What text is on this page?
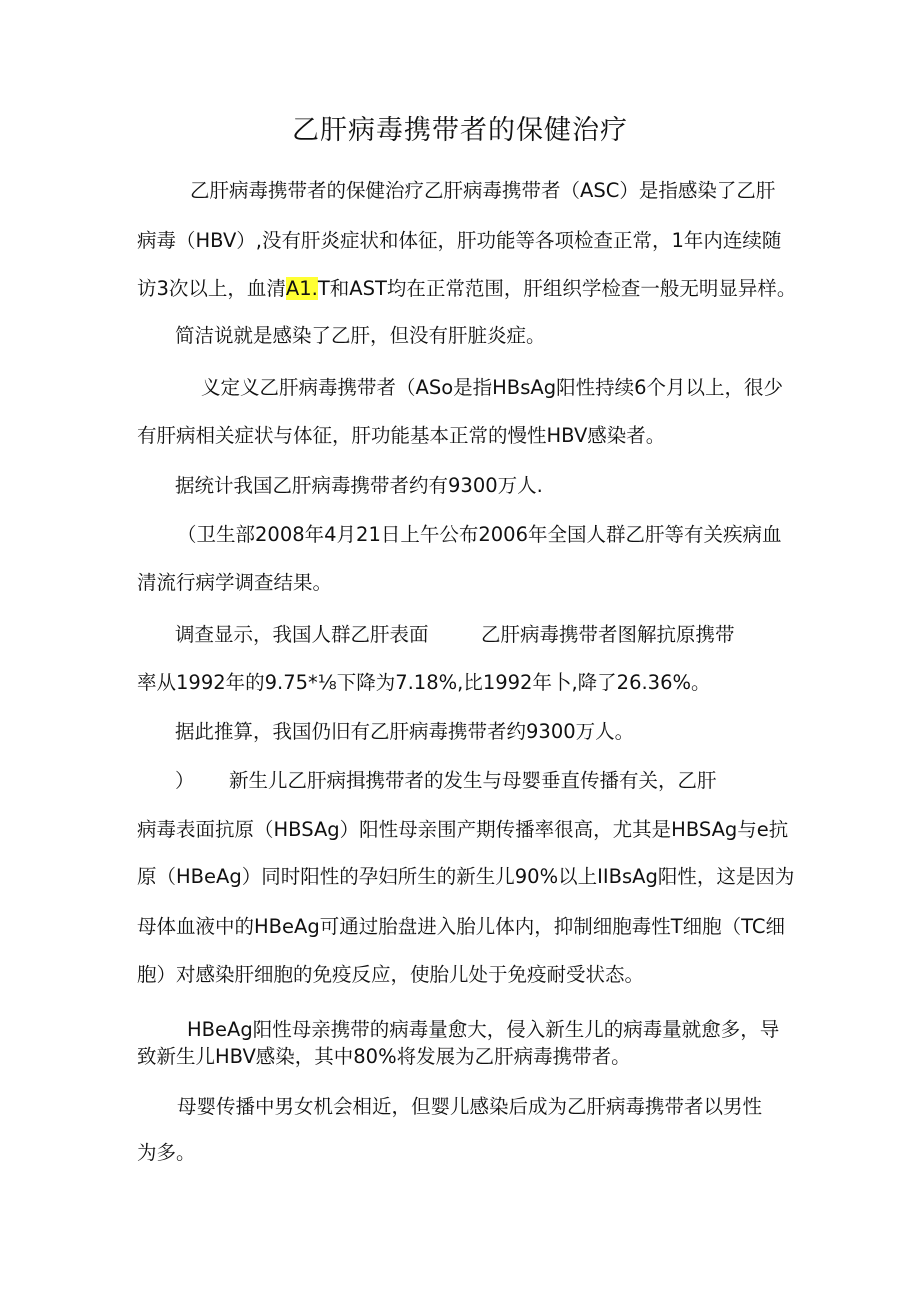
乙肝病毒携带者的保健治疗
乙肝病毒携带者的保健治疗乙肝病毒携带者（ASC）是指感染了乙肝
病毒（HBV）,没有肝炎症状和体征，肝功能等各项检查正常，1年内连续随
访3次以上，血清A1.T和AST均在正常范围，肝组织学检查一般无明显异样。
简洁说就是感染了乙肝，但没有肝脏炎症。
义定义乙肝病毒携带者（ASo是指HBsAg阳性持续6个月以上，很少
有肝病相关症状与体征，肝功能基本正常的慢性HBV感染者。
据统计我国乙肝病毒携带者约有9300万人.
（卫生部2008年4月21日上午公布2006年全国人群乙肝等有关疾病血
清流行病学调查结果。
调查显示，我国人群乙肝表面	乙肝病毒携带者图解抗原携带
率从1992年的9.75*⅛下降为7.18%,比1992年卜,降了26.36%。
据此推算，我国仍旧有乙肝病毒携带者约9300万人。
） 新生儿乙肝病揖携带者的发生与母婴垂直传播有关，乙肝
病毒表面抗原（HBSAg）阳性母亲围产期传播率很高，尤其是HBSAg与e抗
原（HBeAg）同时阳性的孕妇所生的新生儿90%以上IIBsAg阳性，这是因为
母体血液中的HBeAg可通过胎盘进入胎儿体内，抑制细胞毒性T细胞（TC细
胞）对感染肝细胞的免疫反应，使胎儿处于免疫耐受状态。
HBeAg阳性母亲携带的病毒量愈大，侵入新生儿的病毒量就愈多，导
致新生儿HBV感染，其中80%将发展为乙肝病毒携带者。
母婴传播中男女机会相近，但婴儿感染后成为乙肝病毒携带者以男性
为多。
